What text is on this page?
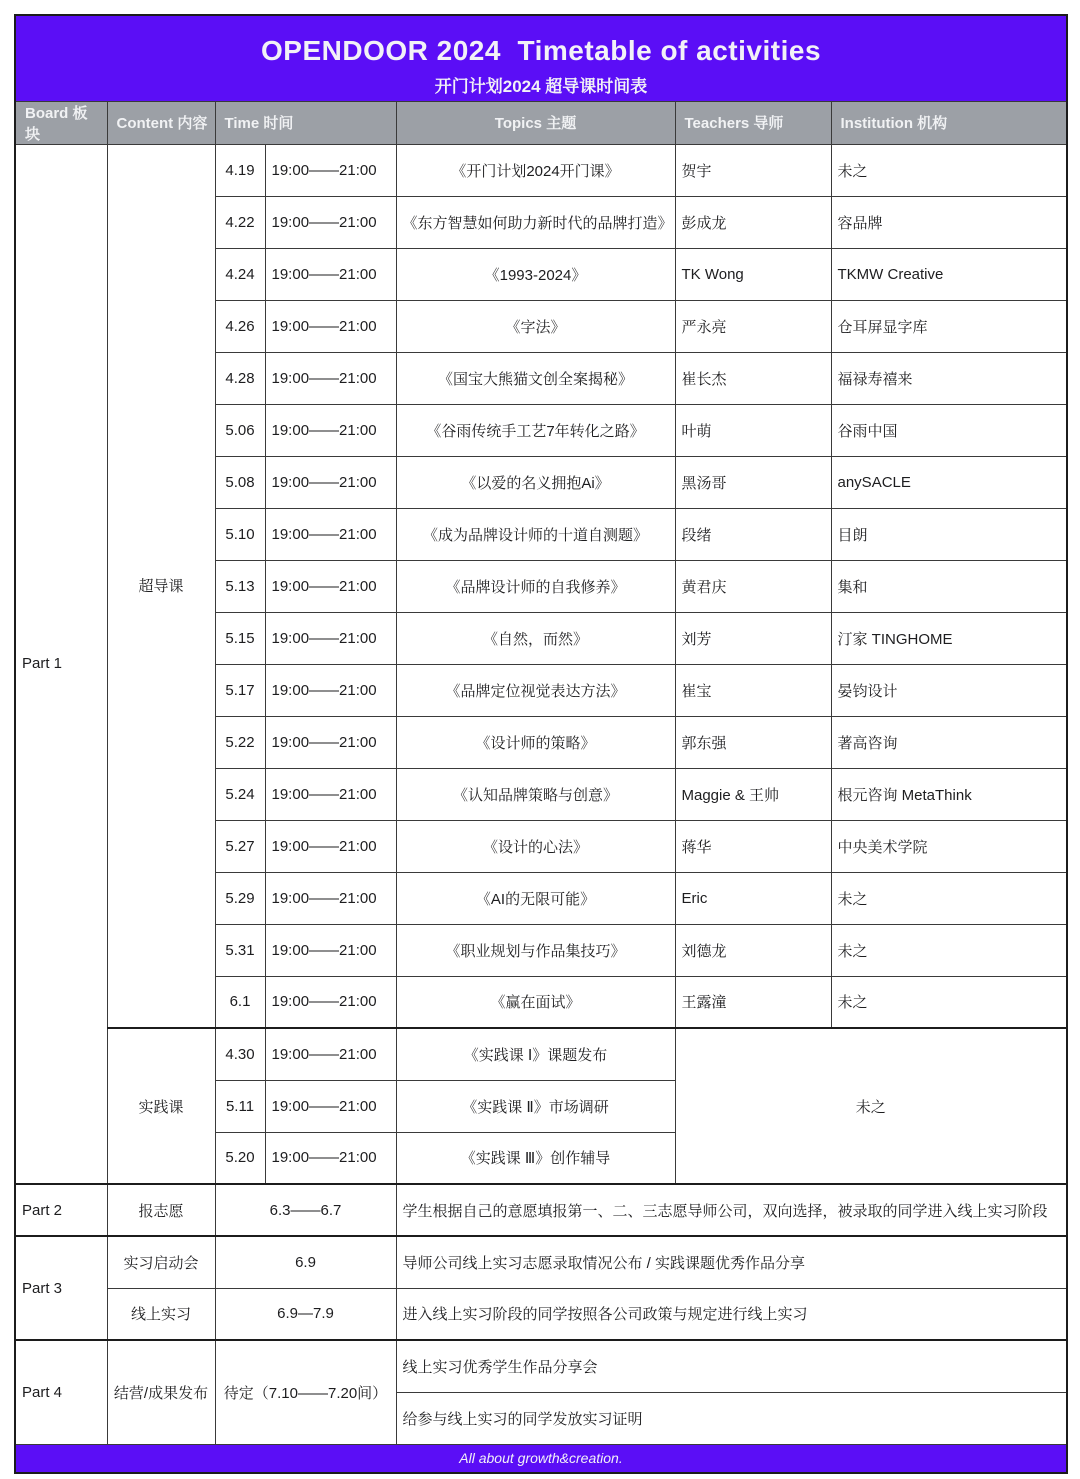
OPENDOOR 2024  Timetable of activities
开门计划2024 超导课时间表						

Board 板块	Content 内容	Time 时间		Topics 主题	Teachers 导师	Institution 机构
Part 1	超导课	4.19	19:00——21:00	《开门计划2024开门课》	贺宇	未之
		4.22	19:00——21:00	《东方智慧如何助力新时代的品牌打造》	彭成龙	容品牌
		4.24	19:00——21:00	《1993-2024》	TK Wong	TKMW Creative
		4.26	19:00——21:00	《字法》	严永亮	仓耳屏显字库
		4.28	19:00——21:00	《国宝大熊猫文创全案揭秘》	崔长杰	福禄寿禧来
		5.06	19:00——21:00	《谷雨传统手工艺7年转化之路》	叶萌	谷雨中国
		5.08	19:00——21:00	《以爱的名义拥抱Ai》	黑汤哥	anySACLE
		5.10	19:00——21:00	《成为品牌设计师的十道自测题》	段绪	目朗
		5.13	19:00——21:00	《品牌设计师的自我修养》	黄君庆	集和
		5.15	19:00——21:00	《自然，而然》	刘芳	汀家 TINGHOME
		5.17	19:00——21:00	《品牌定位视觉表达方法》	崔宝	晏钧设计
		5.22	19:00——21:00	《设计师的策略》	郭东强	著高咨询
		5.24	19:00——21:00	《认知品牌策略与创意》	Maggie & 王帅	根元咨询 MetaThink
		5.27	19:00——21:00	《设计的心法》	蒋华	中央美术学院
		5.29	19:00——21:00	《AI的无限可能》	Eric	未之
		5.31	19:00——21:00	《职业规划与作品集技巧》	刘德龙	未之
		6.1	19:00——21:00	《赢在面试》	王露潼	未之
	实践课	4.30	19:00——21:00	《实践课 Ⅰ》课题发布	未之	
		5.11	19:00——21:00	《实践课 Ⅱ》市场调研		
		5.20	19:00——21:00	《实践课 Ⅲ》创作辅导		
Part 2	报志愿	6.3——6.7		学生根据自己的意愿填报第一、二、三志愿导师公司，双向选择，被录取的同学进入线上实习阶段		
Part 3	实习启动会	6.9		导师公司线上实习志愿录取情况公布 / 实践课题优秀作品分享		
	线上实习	6.9—7.9		进入线上实习阶段的同学按照各公司政策与规定进行线上实习		
Part 4	结营/成果发布	待定（7.10——7.20间）		线上实习优秀学生作品分享会		
				给参与线上实习的同学发放实习证明		
All about growth&creation.						
